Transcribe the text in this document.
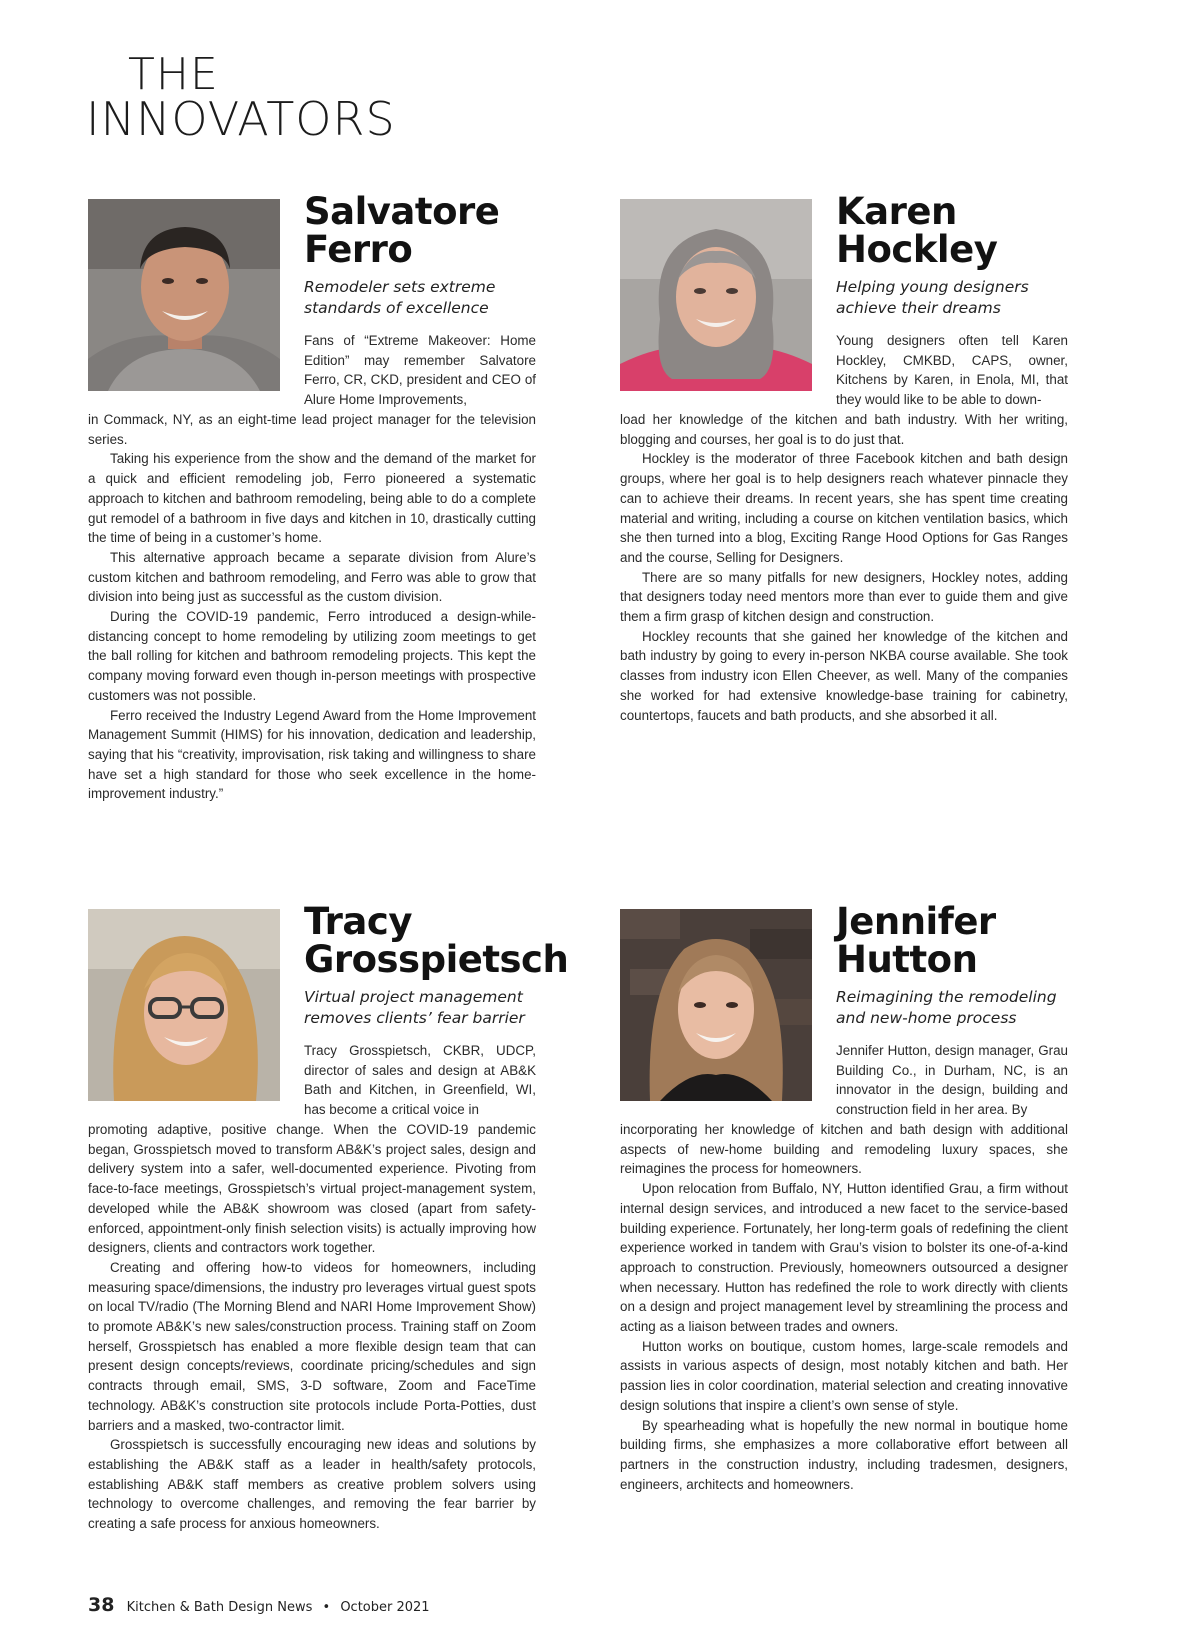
THE
INNOVATORS
Salvatore
Ferro

Remodeler sets extreme standards of excellence

Fans of “Extreme Makeover: Home Edition” may remember Salvatore Ferro, CR, CKD, president and CEO of Alure Home Improvements,

in Commack, NY, as an eight-time lead project manager for the television series.

Taking his experience from the show and the demand of the market for a quick and efficient remodeling job, Ferro pioneered a systematic approach to kitchen and bathroom remodeling, being able to do a complete gut remodel of a bathroom in five days and kitchen in 10, drastically cutting the time of being in a customer’s home.

This alternative approach became a separate division from Alure’s custom kitchen and bathroom remodeling, and Ferro was able to grow that division into being just as successful as the custom division.

During the COVID-19 pandemic, Ferro introduced a design-while-distancing concept to home remodeling by utilizing zoom meetings to get the ball rolling for kitchen and bathroom remodeling projects. This kept the company moving forward even though in-person meetings with prospective customers was not possible.

Ferro received the Industry Legend Award from the Home Improvement Management Summit (HIMS) for his innovation, dedication and leadership, saying that his “creativity, improvisation, risk taking and willingness to share have set a high standard for those who seek excellence in the home-improvement industry.”

Karen
Hockley

Helping young designers achieve their dreams

Young designers often tell Karen Hockley, CMKBD, CAPS, owner, Kitchens by Karen, in Enola, MI, that they would like to be able to down-

load her knowledge of the kitchen and bath industry. With her writing, blogging and courses, her goal is to do just that.

Hockley is the moderator of three Facebook kitchen and bath design groups, where her goal is to help designers reach whatever pinnacle they can to achieve their dreams. In recent years, she has spent time creating material and writing, including a course on kitchen ventilation basics, which she then turned into a blog, Exciting Range Hood Options for Gas Ranges and the course, Selling for Designers.

There are so many pitfalls for new designers, Hockley notes, adding that designers today need mentors more than ever to guide them and give them a firm grasp of kitchen design and construction.

Hockley recounts that she gained her knowledge of the kitchen and bath industry by going to every in-person NKBA course available. She took classes from industry icon Ellen Cheever, as well. Many of the companies she worked for had extensive knowledge-base training for cabinetry, countertops, faucets and bath products, and she absorbed it all.

Tracy
Grosspietsch

Virtual project management removes clients’ fear barrier

Tracy Grosspietsch, CKBR, UDCP, director of sales and design at AB&K Bath and Kitchen, in Greenfield, WI, has become a critical voice in

promoting adaptive, positive change. When the COVID-19 pandemic began, Grosspietsch moved to transform AB&K’s project sales, design and delivery system into a safer, well-documented experience. Pivoting from face-to-face meetings, Grosspietsch’s virtual project-management system, developed while the AB&K showroom was closed (apart from safety-enforced, appointment-only finish selection visits) is actually improving how designers, clients and contractors work together.

Creating and offering how-to videos for homeowners, including measuring space/dimensions, the industry pro leverages virtual guest spots on local TV/radio (The Morning Blend and NARI Home Improvement Show) to promote AB&K’s new sales/construction process. Training staff on Zoom herself, Grosspietsch has enabled a more flexible design team that can present design concepts/reviews, coordinate pricing/schedules and sign contracts through email, SMS, 3-D software, Zoom and FaceTime technology. AB&K’s construction site protocols include Porta-Potties, dust barriers and a masked, two-contractor limit.

Grosspietsch is successfully encouraging new ideas and solutions by establishing the AB&K staff as a leader in health/safety protocols, establishing AB&K staff members as creative problem solvers using technology to overcome challenges, and removing the fear barrier by creating a safe process for anxious homeowners.

Jennifer
Hutton

Reimagining the remodeling and new-home process

Jennifer Hutton, design manager, Grau Building Co., in Durham, NC, is an innovator in the design, building and construction field in her area. By

incorporating her knowledge of kitchen and bath design with additional aspects of new-home building and remodeling luxury spaces, she reimagines the process for homeowners.

Upon relocation from Buffalo, NY, Hutton identified Grau, a firm without internal design services, and introduced a new facet to the service-based building experience. Fortunately, her long-term goals of redefining the client experience worked in tandem with Grau’s vision to bolster its one-of-a-kind approach to construction. Previously, homeowners outsourced a designer when necessary. Hutton has redefined the role to work directly with clients on a design and project management level by streamlining the process and acting as a liaison between trades and owners.

Hutton works on boutique, custom homes, large-scale remodels and assists in various aspects of design, most notably kitchen and bath. Her passion lies in color coordination, material selection and creating innovative design solutions that inspire a client’s own sense of style.

By spearheading what is hopefully the new normal in boutique home building firms, she emphasizes a more collaborative effort between all partners in the construction industry, including tradesmen, designers, engineers, architects and homeowners.

38 Kitchen & Bath Design News • October 2021
